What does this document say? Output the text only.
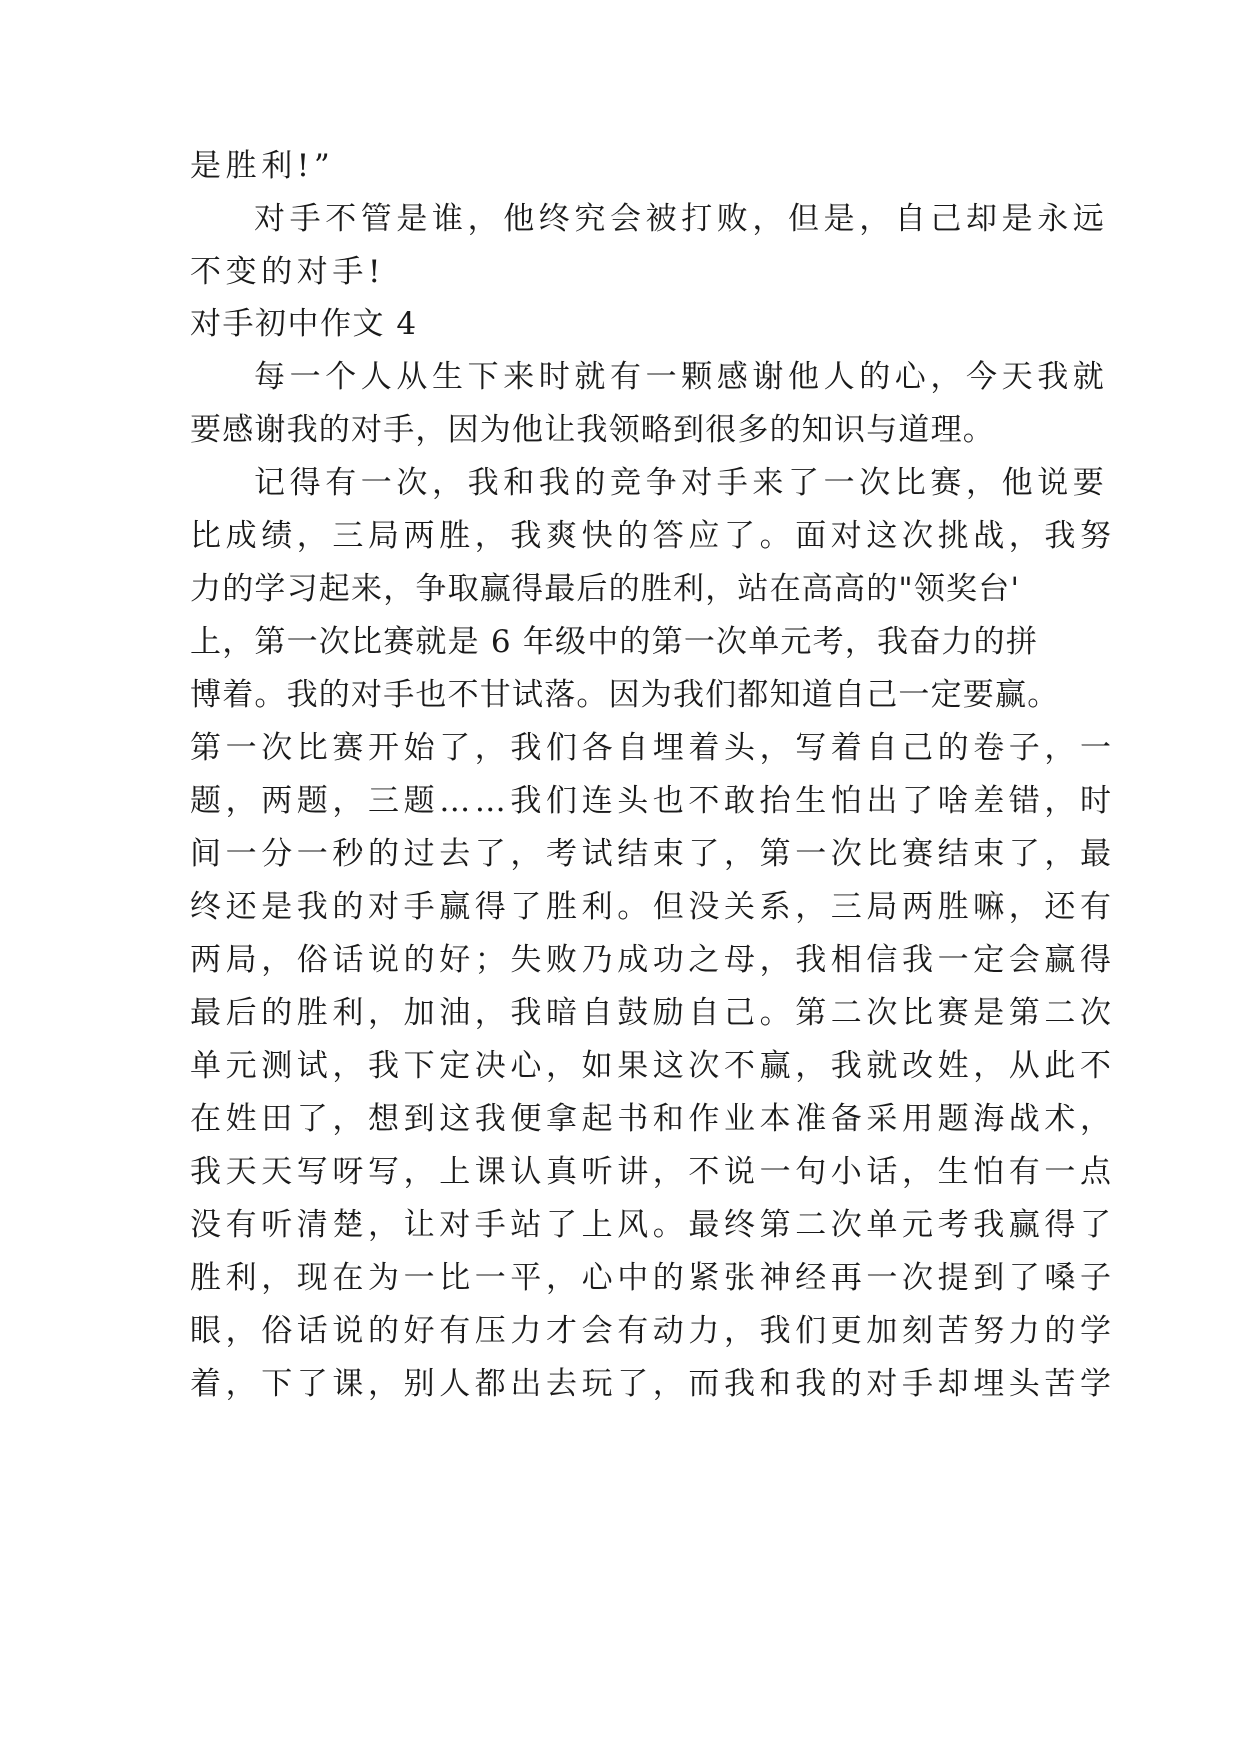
是胜利!”
对手不管是谁，他终究会被打败，但是，自己却是永远
不变的对手!
对手初中作文 4
每一个人从生下来时就有一颗感谢他人的心，今天我就
要感谢我的对手，因为他让我领略到很多的知识与道理。
记得有一次，我和我的竞争对手来了一次比赛，他说要
比成绩，三局两胜，我爽快的答应了。面对这次挑战，我努
力的学习起来，争取赢得最后的胜利，站在高高的"领奖台'
上，第一次比赛就是 6 年级中的第一次单元考，我奋力的拼
博着。我的对手也不甘试落。因为我们都知道自己一定要赢。
第一次比赛开始了，我们各自埋着头，写着自己的卷子，一
题，两题，三题……我们连头也不敢抬生怕出了啥差错，时
间一分一秒的过去了，考试结束了，第一次比赛结束了，最
终还是我的对手赢得了胜利。但没关系，三局两胜嘛，还有
两局，俗话说的好；失败乃成功之母，我相信我一定会赢得
最后的胜利，加油，我暗自鼓励自己。第二次比赛是第二次
单元测试，我下定决心，如果这次不赢，我就改姓，从此不
在姓田了，想到这我便拿起书和作业本准备采用题海战术，
我天天写呀写，上课认真听讲，不说一句小话，生怕有一点
没有听清楚，让对手站了上风。最终第二次单元考我赢得了
胜利，现在为一比一平，心中的紧张神经再一次提到了嗓子
眼，俗话说的好有压力才会有动力，我们更加刻苦努力的学
着，下了课，别人都出去玩了，而我和我的对手却埋头苦学
